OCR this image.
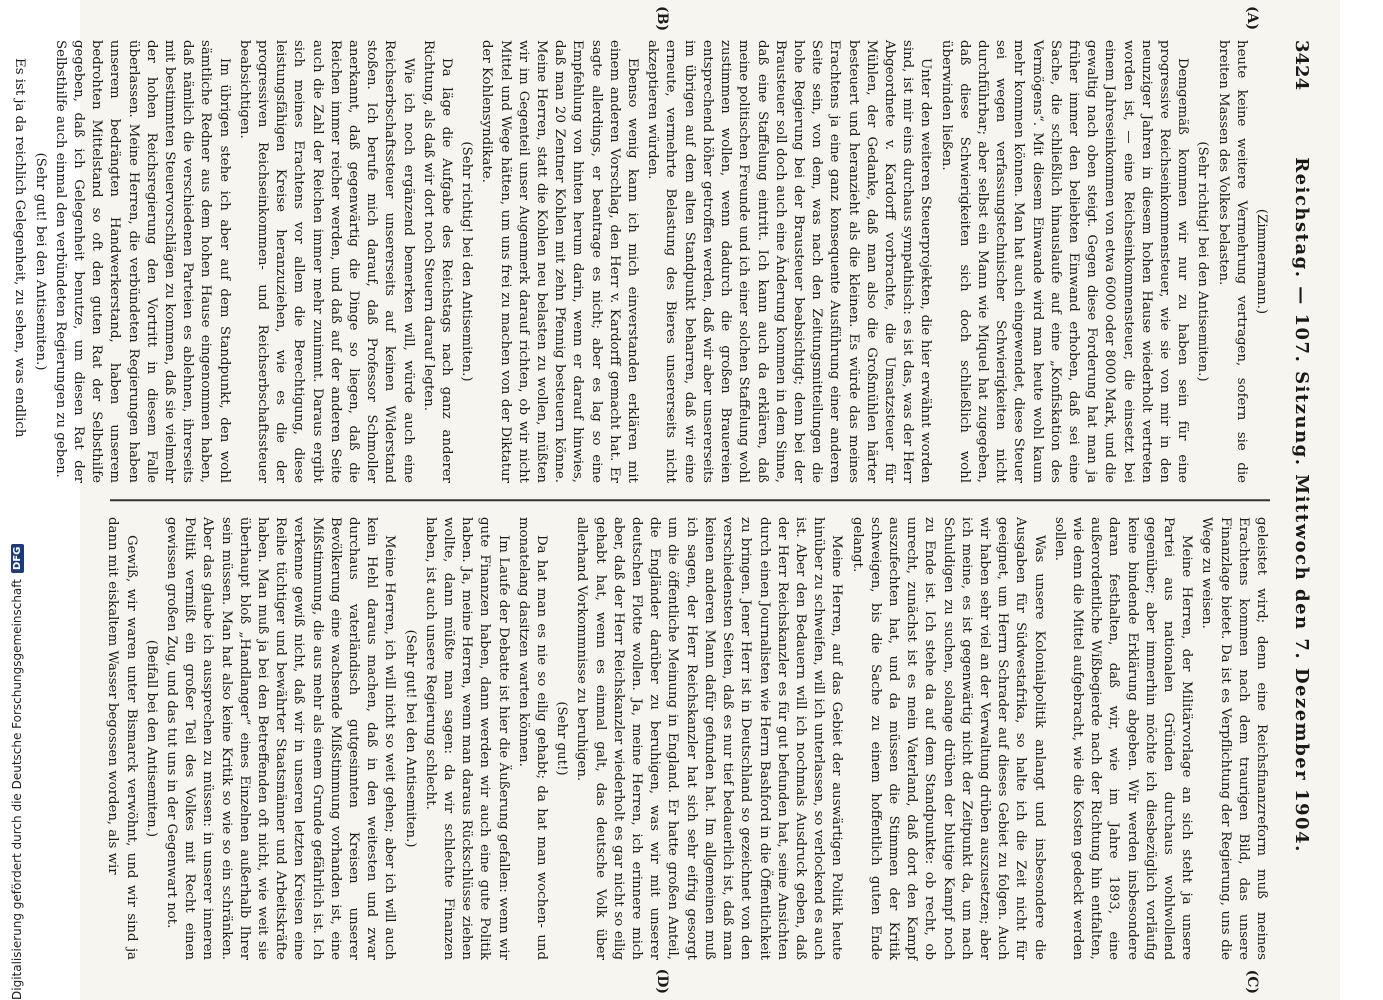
3424
Reichstag. — 107. Sitzung. Mittwoch den 7. Dezember 1904.

(Zimmermann.)

heute keine weitere Vermehrung vertragen, sofern sie die breiten Massen des Volkes belasten.

(Sehr richtig! bei den Antisemiten.)

Demgemäß kommen wir nur zu haben sein für eine progressive Reichseinkommensteuer, wie sie von mir in den neunziger Jahren in diesem hohen Hause wiederholt vertreten worden ist, — eine Reichseinkommensteuer, die einsetzt bei einem Jahreseinkommen von etwa 6000 oder 8000 Mark, und die gewaltig nach oben steigt. Gegen diese Forderung hat man ja früher immer den beliebten Einwand erhoben, daß sei eine Sache, die schließlich hinauslaufe auf eine „Konfiskation des Vermögens“. Mit diesem Einwande wird man heute wohl kaum mehr kommen können. Man hat auch eingewendet, diese Steuer sei wegen verfassungstechnischer Schwierigkeiten nicht durchführbar; aber selbst ein Mann wie Miquel hat zugegeben, daß diese Schwierigkeiten sich doch schließlich wohl überwinden ließen.

Unter den weiteren Steuerprojekten, die hier erwähnt worden sind, ist mir eins durchaus sympathisch: es ist das, was der Herr Abgeordnete v. Kardorff vorbrachte, die Umsatzsteuer für Mühlen, der Gedanke, daß man also die Großmühlen härter besteuert und heranzieht als die kleinen. Es würde das meines Erachtens ja eine ganz konsequente Ausführung einer anderen Seite sein, von dem, was nach den Zeitungsmitteilungen die hohe Regierung bei der Brausteuer beabsichtigt; denn bei der Brausteuer soll doch auch eine Änderung kommen in dem Sinne, daß eine Staffelung eintritt. Ich kann auch da erklären, daß meine politischen Freunde und ich einer solchen Staffelung wohl zustimmen wollen, wenn dadurch die großen Brauereien entsprechend höher getroffen werden, daß wir aber unsererseits im übrigen auf dem alten Standpunkt beharren, daß wir eine erneute, vermehrte Belastung des Bieres unsererseits nicht akzeptieren würden.

Ebenso wenig kann ich mich einverstanden erklären mit einem anderen Vorschlag, den Herr v. Kardorff gemacht hat. Er sagte allerdings, er beantrage es nicht; aber es lag so eine Empfehlung von hinten herum darin, wenn er darauf hinwies, daß man 20 Zentner Kohlen mit zehn Pfennig besteuern könne. Meine Herren, statt die Kohlen neu belasten zu wollen, müßten wir im Gegenteil unser Augenmerk darauf richten, ob wir nicht Mittel und Wege hätten, um uns frei zu machen von der Diktatur der Kohlensyndikate.

(Sehr richtig! bei den Antisemiten.)

Da läge die Aufgabe des Reichstags nach ganz anderer Richtung, als daß wir dort noch Steuern darauf legten.

Wie ich noch ergänzend bemerken will, würde auch eine Reichserbschaftssteuer unsererseits auf keinen Widerstand stoßen. Ich berufe mich darauf, daß Professor Schmoller anerkannt, daß gegenwärtig die Dinge so liegen, daß die Reichen immer reicher werden, und daß auf der anderen Seite auch die Zahl der Reichen immer mehr zunimmt. Daraus ergibt sich meines Erachtens vor allem die Berechtigung, diese leistungsfähigen Kreise heranzuziehen, wie es die der progressiven Reichseinkommen- und Reichserbschaftssteuer beabsichtigen.

Im übrigen stehe ich aber auf dem Standpunkt, den wohl sämtliche Redner aus dem hohen Hause eingenommen haben, daß nämlich die verschiedenen Parteien es ablehnen, ihrerseits mit bestimmten Steuervorschlägen zu kommen, daß sie vielmehr der hohen Reichsregierung den Vortritt in diesem Falle überlassen. Meine Herren, die verbündeten Regierungen haben unserem bedrängten Handwerkerstand, haben unserem bedrohten Mittelstand so oft den guten Rat der Selbsthilfe gegeben, daß ich Gelegenheit benutze, um diesen Rat der Selbsthilfe auch einmal den verbündeten Regierungen zu geben.

(Sehr gut! bei den Antisemiten.)

Es ist ja da reichlich Gelegenheit, zu sehen, was endlich

geleistet wird; denn eine Reichsfinanzreform muß meines Erachtens kommen nach dem traurigen Bild, das unsere Finanzlage bietet. Da ist es Verpflichtung der Regierung, uns die Wege zu weisen.

Meine Herren, der Militärvorlage an sich steht ja unsere Partei aus nationalen Gründen durchaus wohlwollend gegenüber; aber immerhin möchte ich diesbezüglich vorläufig keine bindende Erklärung abgeben. Wir werden insbesondere daran festhalten, daß wir, wie im Jahre 1893, eine außerordentliche Wißbegierde nach der Richtung hin entfalten, wie denn die Mittel aufgebracht, wie die Kosten gedeckt werden sollen.

Was unsere Kolonialpolitik anlangt und insbesondere die Ausgaben für Südwestafrika, so halte ich die Zeit nicht für geeignet, um Herrn Schrader auf dieses Gebiet zu folgen. Auch wir haben sehr viel an der Verwaltung drüben auszusetzen; aber ich meine, es ist gegenwärtig nicht der Zeitpunkt da, um nach Schuldigen zu suchen, solange drüben der blutige Kampf noch zu Ende ist. Ich stehe da auf dem Standpunkte: ob recht, ob unrecht, zunächst ist es mein Vaterland, daß dort den Kampf auszufechten hat, und da müssen die Stimmen der Kritik schweigen, bis die Sache zu einem hoffentlich guten Ende gelangt.

Meine Herren, auf das Gebiet der auswärtigen Politik heute hinüber zu schweifen, will ich unterlassen, so verlockend es auch ist. Aber den Bedauern will ich nochmals Ausdruck geben, daß der Herr Reichskanzler es für gut befunden hat, seine Ansichten durch einen Journalisten wie Herrn Bashford in die Öffentlichkeit zu bringen. Jener Herr ist in Deutschland so gezeichnet von den verschiedensten Seiten, daß es nur tief bedauerlich ist, daß man keinen anderen Mann dafür gefunden hat. Im allgemeinen muß ich sagen, der Herr Reichskanzler hat sich sehr eifrig gesorgt um die öffentliche Meinung in England. Er hatte großen Anteil, die Engländer darüber zu beruhigen, was wir mit unserer deutschen Flotte wollen. Ja, meine Herren, ich erinnere mich aber, daß der Herr Reichskanzler wiederholt es gar nicht so eilig gehabt hat, wenn es einmal galt, das deutsche Volk über allerhand Vorkommnisse zu beruhigen.

(Sehr gut!)

Da hat man es nie so eilig gehabt; da hat man wochen- und monatelang dasitzen warten können.

Im Laufe der Debatte ist hier die Äußerung gefallen: wenn wir gute Finanzen haben, dann werden wir auch eine gute Politik haben. Ja, meine Herren, wenn man daraus Rückschlüsse ziehen wollte, dann müßte man sagen: da wir schlechte Finanzen haben, ist auch unsere Regierung schlecht.

(Sehr gut! bei den Antisemiten.)

Meine Herren, ich will nicht so weit gehen; aber ich will auch kein Hehl daraus machen, daß in den weitesten und zwar durchaus vaterländisch gutgesinnten Kreisen unserer Bevölkerung eine wachsende Mißstimmung vorhanden ist, eine Mißstimmung, die aus mehr als einem Grunde gefährlich ist. Ich verkenne gewiß nicht, daß wir in unseren letzten Kreisen eine Reihe tüchtiger und bewährter Staatsmänner und Arbeitskräfte haben. Man muß ja bei den Betreffenden oft nicht, wie weit sie überhaupt bloß „Handlanger“ eines Einzelnen außerhalb Ihrer sein müssen. Man hat also keine Kritik so wie so ein schränken. Aber das glaube ich aussprechen zu müssen: in unserer inneren Politik vermißt ein großer Teil des Volkes mit Recht einen gewissen großen Zug, und das tut uns in der Gegenwart not.

(Beifall bei den Antisemiten.)

Gewiß, wir waren unter Bismarck verwöhnt, und wir sind ja dann mit eiskaltem Wasser begossen worden, als wir

(A)
(B)
(C)
(D)
Digitalisierung gefördert durch die Deutsche Forschungsgemeinschaft
DFG
